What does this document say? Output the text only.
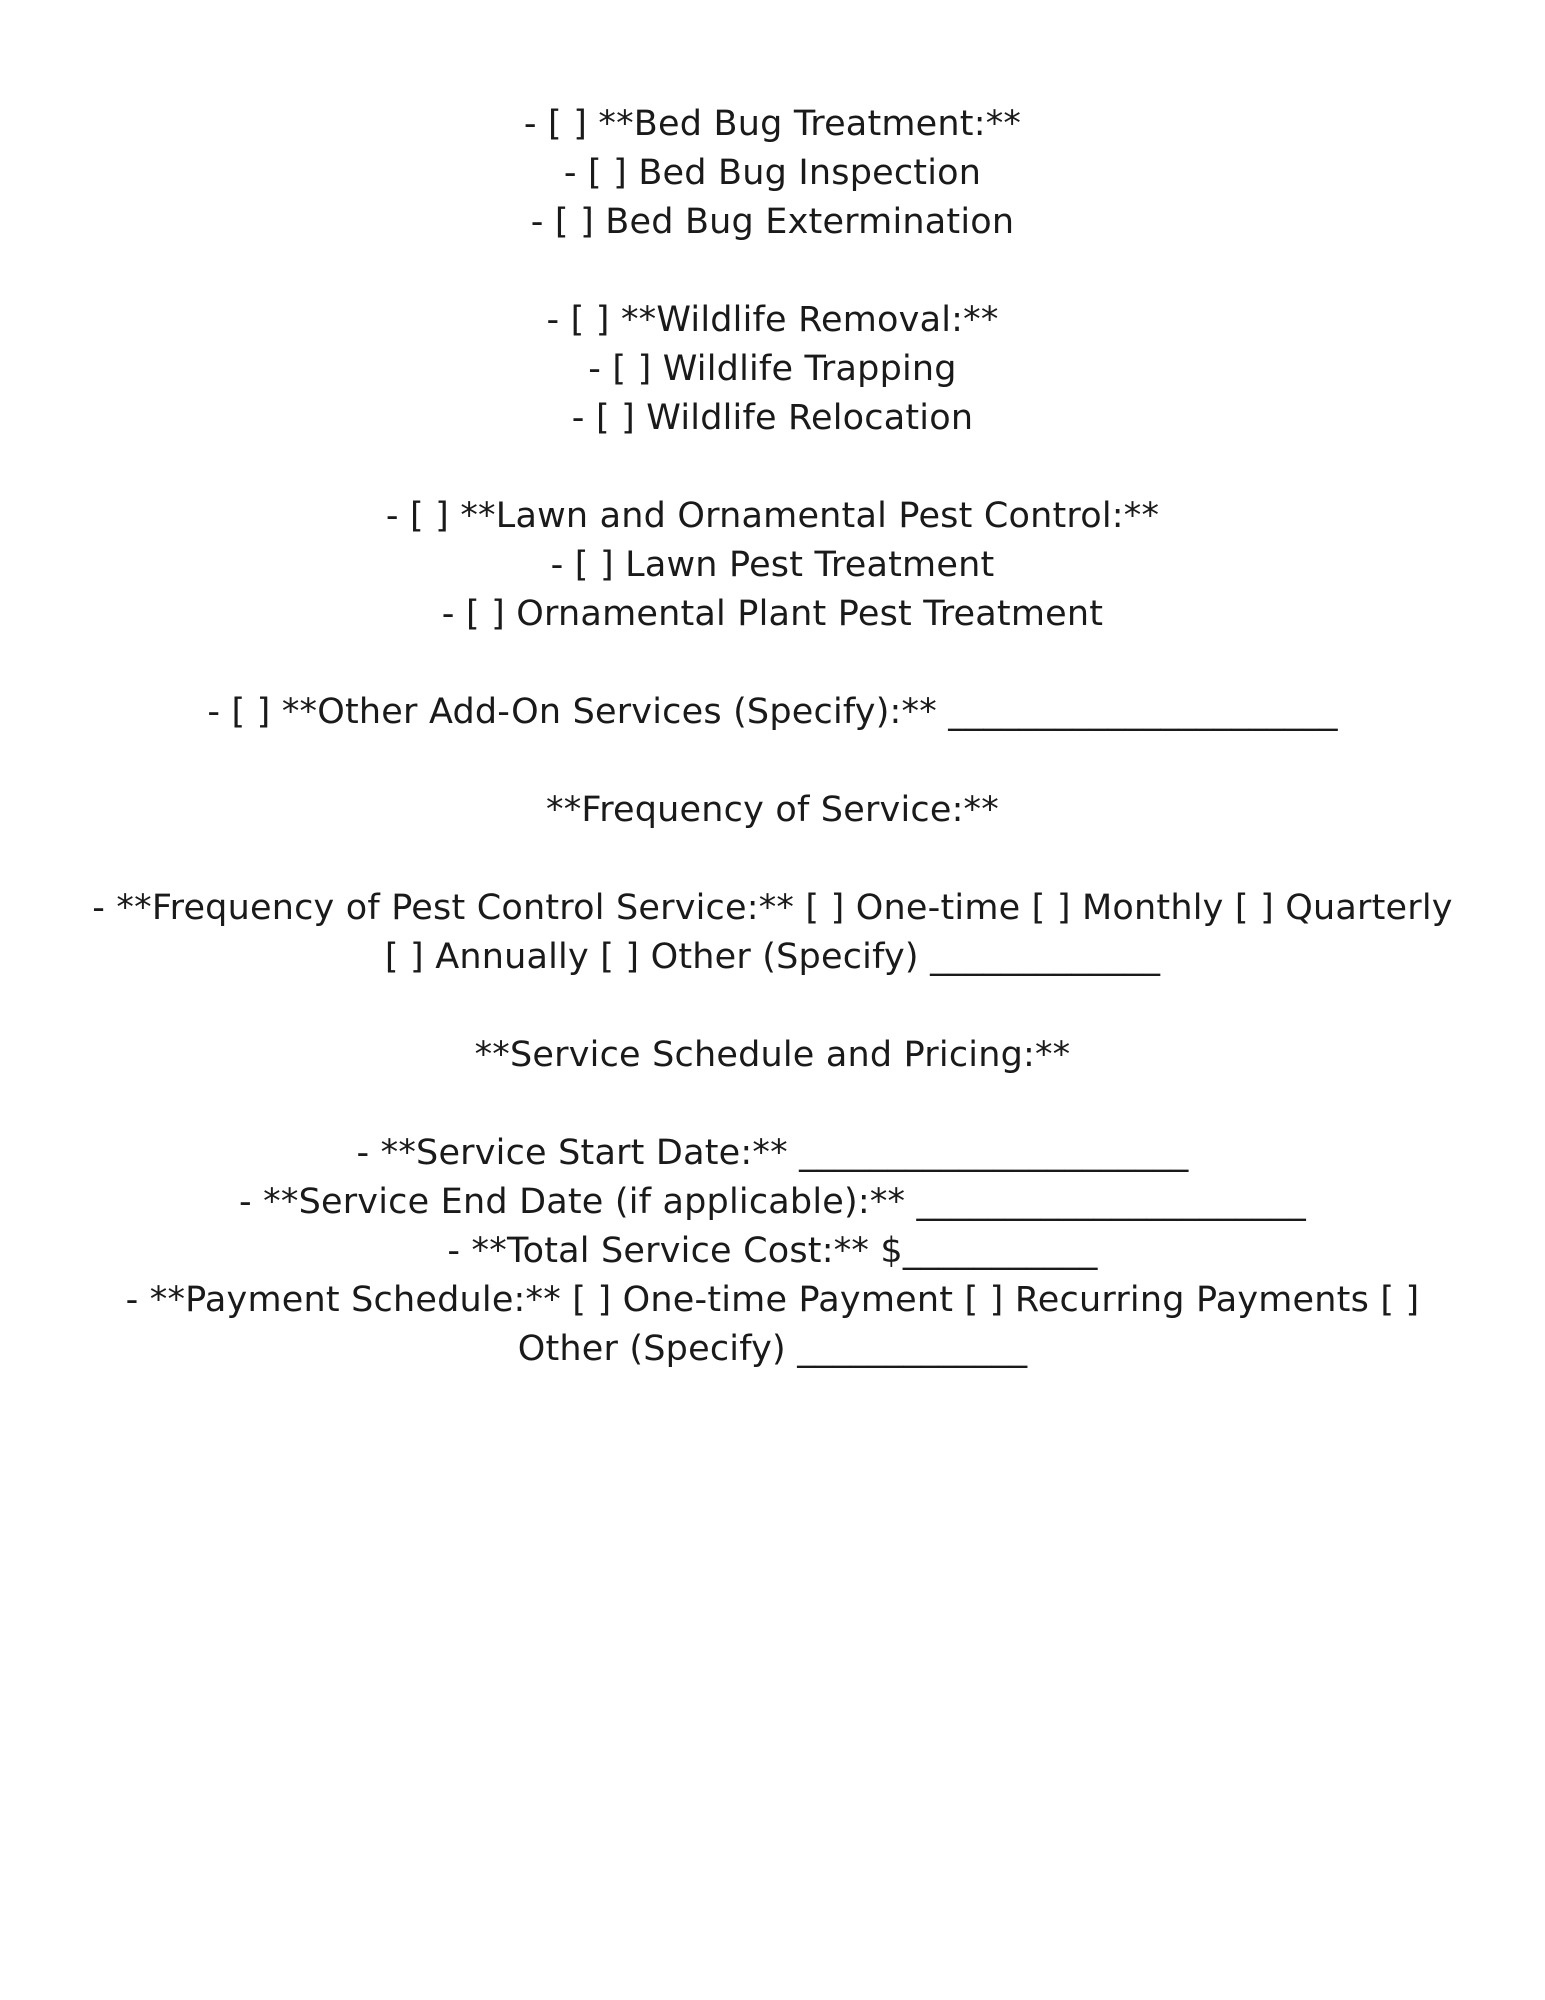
- [ ] **Bed Bug Treatment:**
- [ ] Bed Bug Inspection
- [ ] Bed Bug Extermination
- [ ] **Wildlife Removal:**
- [ ] Wildlife Trapping
- [ ] Wildlife Relocation
- [ ] **Lawn and Ornamental Pest Control:**
- [ ] Lawn Pest Treatment
- [ ] Ornamental Plant Pest Treatment
- [ ] **Other Add-On Services (Specify):** ______________________
**Frequency of Service:**
- **Frequency of Pest Control Service:** [ ] One-time [ ] Monthly [ ] Quarterly [ ] Annually [ ] Other (Specify) _____________
**Service Schedule and Pricing:**
- **Service Start Date:** ______________________
- **Service End Date (if applicable):** ______________________
- **Total Service Cost:** $___________
- **Payment Schedule:** [ ] One-time Payment [ ] Recurring Payments [ ] Other (Specify) _____________
